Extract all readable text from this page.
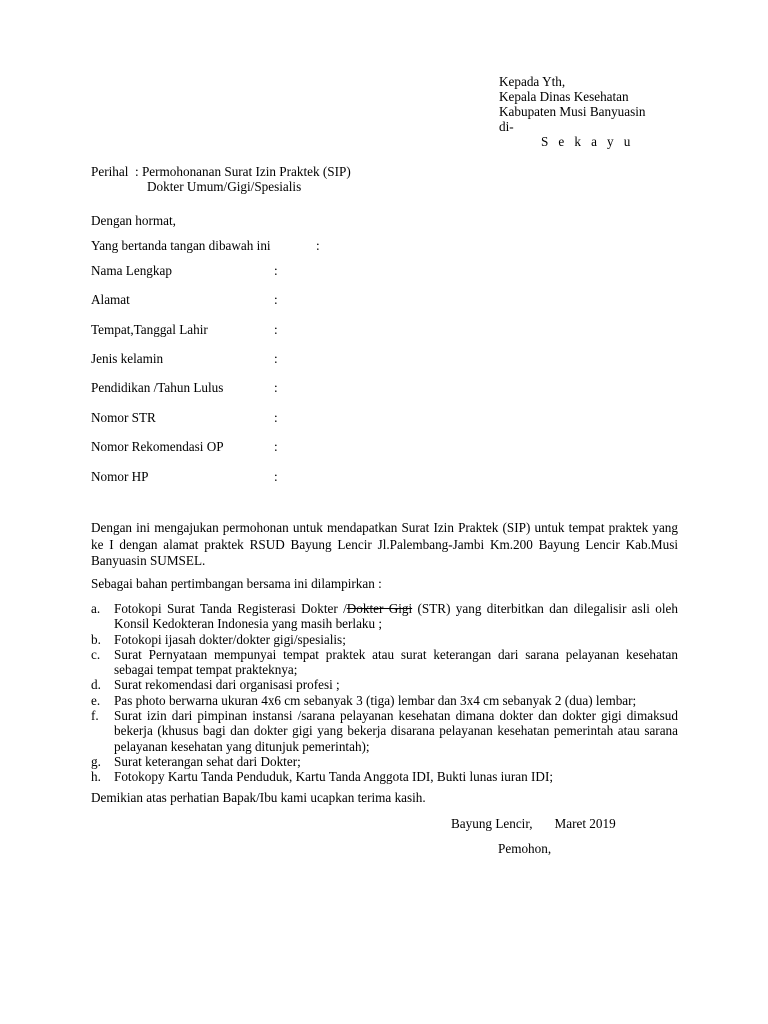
Kepada Yth,
Kepala Dinas Kesehatan
Kabupaten Musi Banyuasin
di-
S e k a y u
Perihal : Permohonanan Surat Izin Praktek (SIP)
Dokter Umum/Gigi/Spesialis
Dengan hormat,
Yang bertanda tangan dibawah ini	:
Nama Lengkap	:
Alamat	:
Tempat,Tanggal Lahir	:
Jenis kelamin	:
Pendidikan /Tahun Lulus	:
Nomor STR	:
Nomor Rekomendasi OP	:
Nomor HP	:
Dengan ini mengajukan permohonan untuk mendapatkan Surat Izin Praktek (SIP) untuk tempat praktek yang ke I dengan alamat praktek RSUD Bayung Lencir Jl.Palembang-Jambi Km.200 Bayung Lencir Kab.Musi Banyuasin SUMSEL.
Sebagai bahan pertimbangan bersama ini dilampirkan :
a. Fotokopi Surat Tanda Registerasi Dokter /Dokter Gigi (STR) yang diterbitkan dan dilegalisir asli oleh Konsil Kedokteran Indonesia yang masih berlaku ;
b. Fotokopi ijasah dokter/dokter gigi/spesialis;
c. Surat Pernyataan mempunyai tempat praktek atau surat keterangan dari sarana pelayanan kesehatan sebagai tempat tempat prakteknya;
d. Surat rekomendasi dari organisasi profesi ;
e. Pas photo berwarna ukuran 4x6 cm sebanyak 3 (tiga) lembar dan 3x4 cm sebanyak 2 (dua) lembar;
f. Surat izin dari pimpinan instansi /sarana pelayanan kesehatan dimana dokter dan dokter gigi dimaksud bekerja (khusus bagi dan dokter gigi yang bekerja disarana pelayanan kesehatan pemerintah atau sarana pelayanan kesehatan yang ditunjuk pemerintah);
g. Surat keterangan sehat dari Dokter;
h. Fotokopy Kartu Tanda Penduduk, Kartu Tanda Anggota IDI, Bukti lunas iuran IDI;
Demikian atas perhatian Bapak/Ibu kami ucapkan terima kasih.
Bayung Lencir, Maret 2019
Pemohon,
